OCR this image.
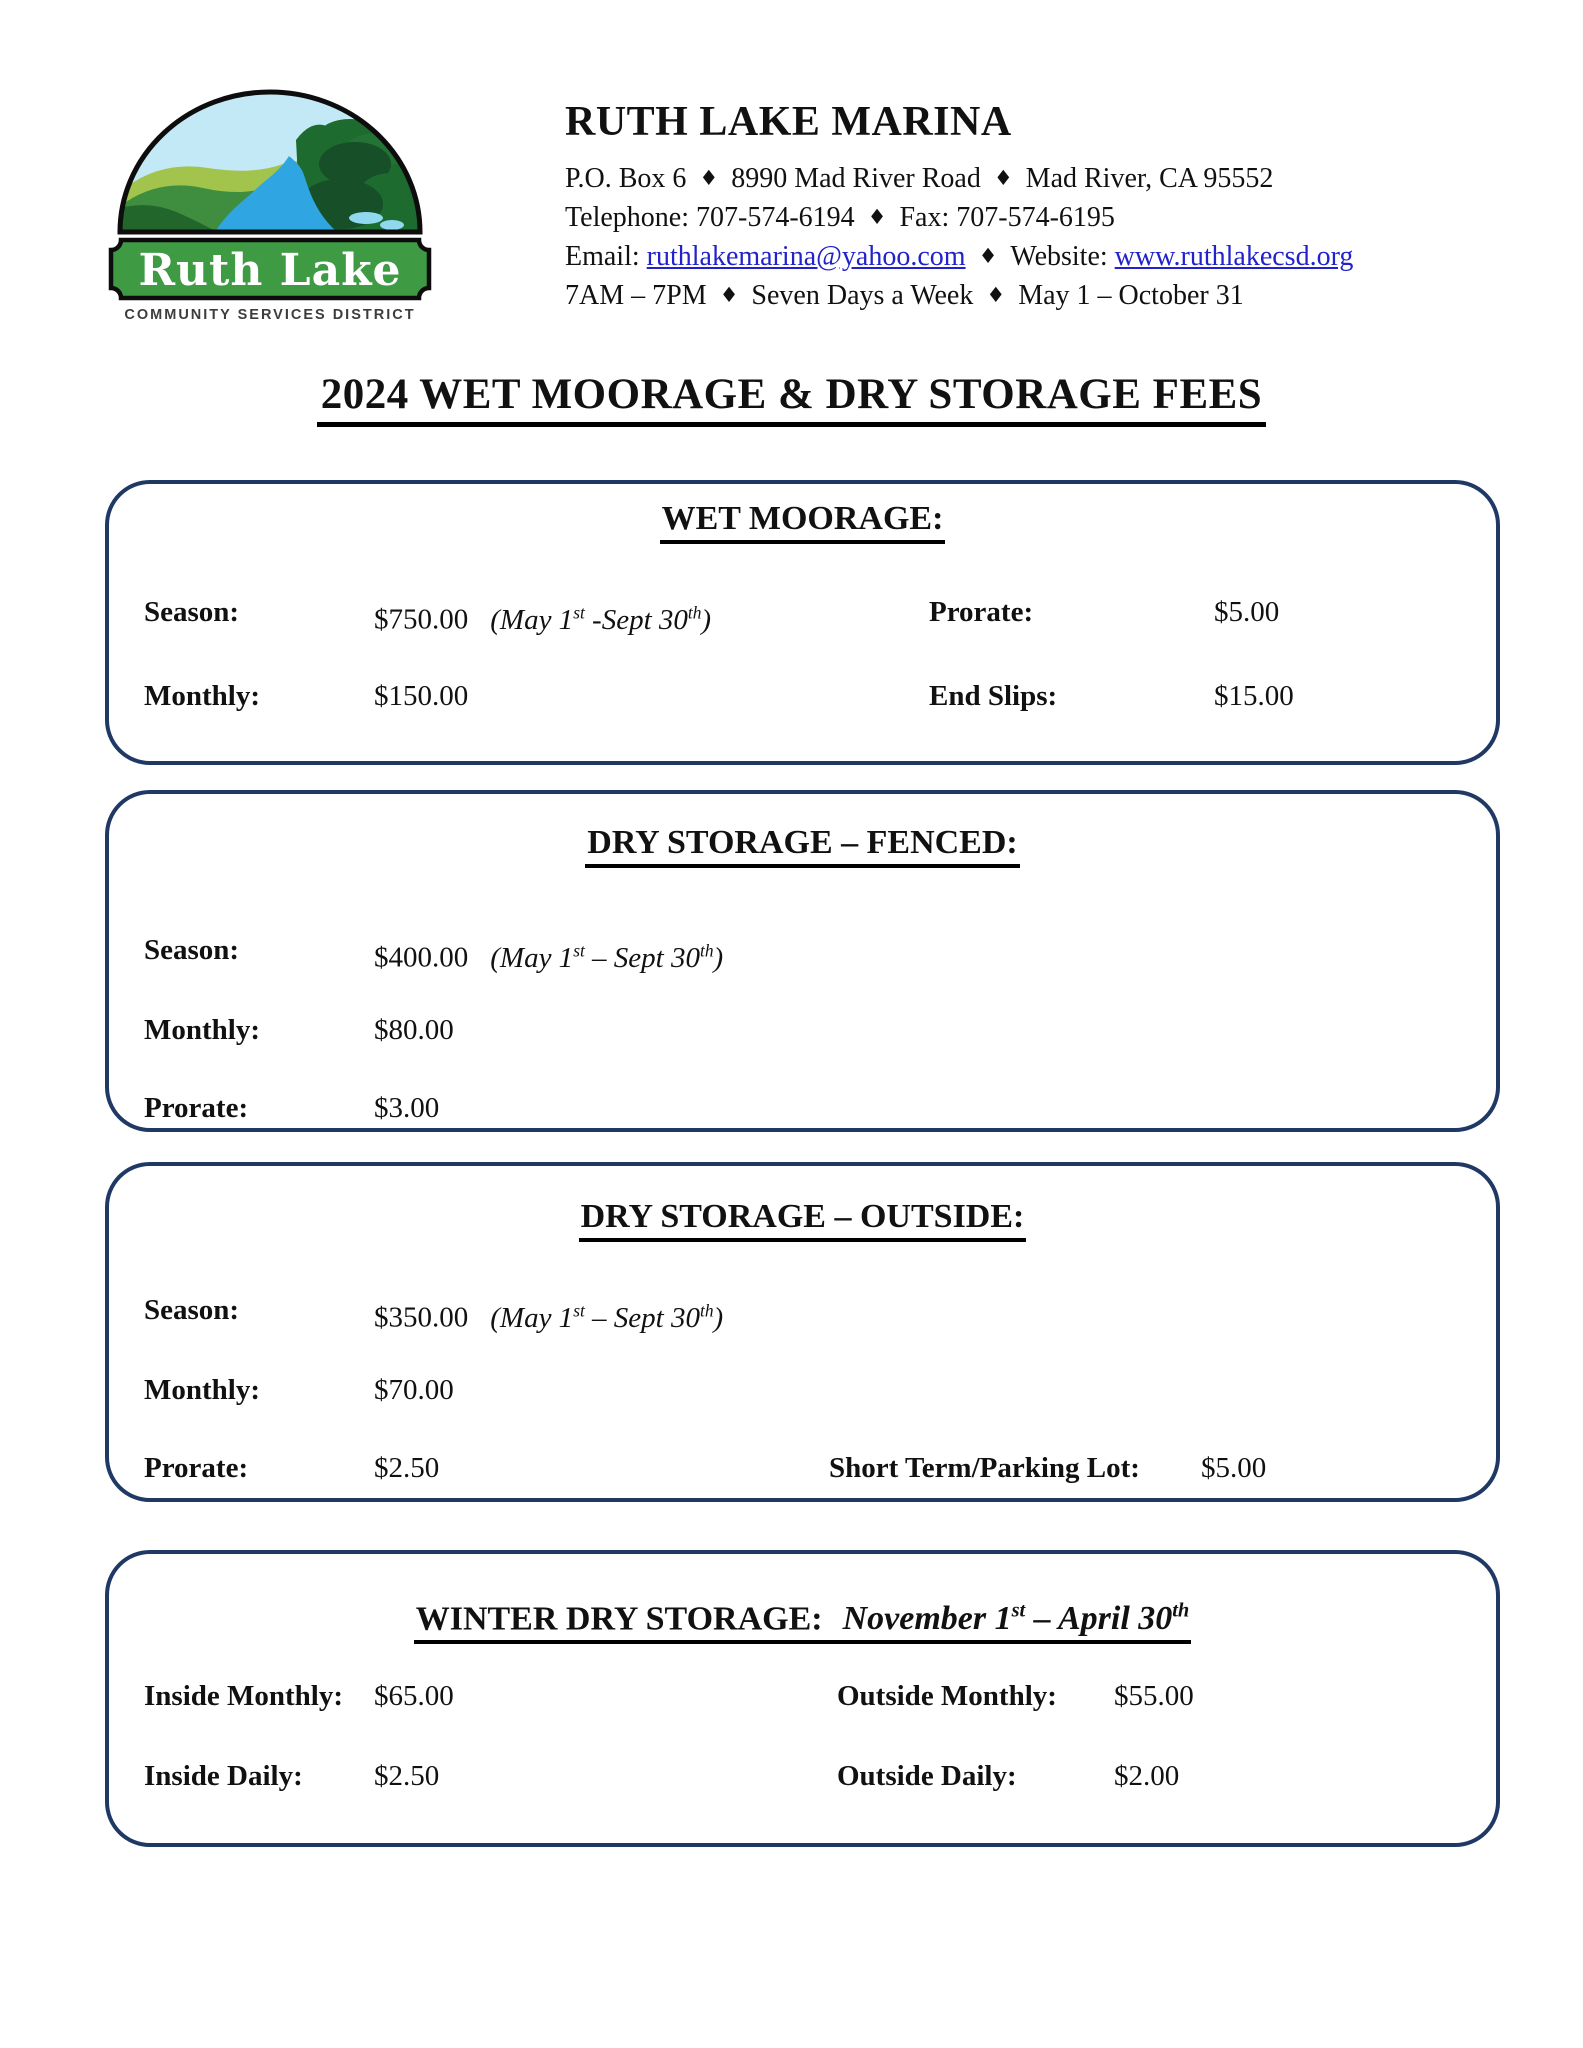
Ruth Lake
COMMUNITY SERVICES DISTRICT
RUTH LAKE MARINA
P.O. Box 6 ♦ 8990 Mad River Road ♦ Mad River, CA 95552
Telephone: 707-574-6194 ♦ Fax: 707-574-6195
Email: ruthlakemarina@yahoo.com ♦ Website: www.ruthlakecsd.org
7AM – 7PM ♦ Seven Days a Week ♦ May 1 – October 31
2024 WET MOORAGE & DRY STORAGE FEES
WET MOORAGE:
Season:	$750.00 (May 1st -Sept 30th)	Prorate:	$5.00
Monthly:	$150.00	End Slips:	$15.00
DRY STORAGE – FENCED:
Season:	$400.00 (May 1st – Sept 30th)
Monthly:	$80.00
Prorate:	$3.00
DRY STORAGE – OUTSIDE:
Season:	$350.00 (May 1st – Sept 30th)
Monthly:	$70.00
Prorate:	$2.50	Short Term/Parking Lot: $5.00
WINTER DRY STORAGE: November 1st – April 30th
Inside Monthly: $65.00	Outside Monthly: $55.00
Inside Daily: $2.50	Outside Daily:	$2.00
